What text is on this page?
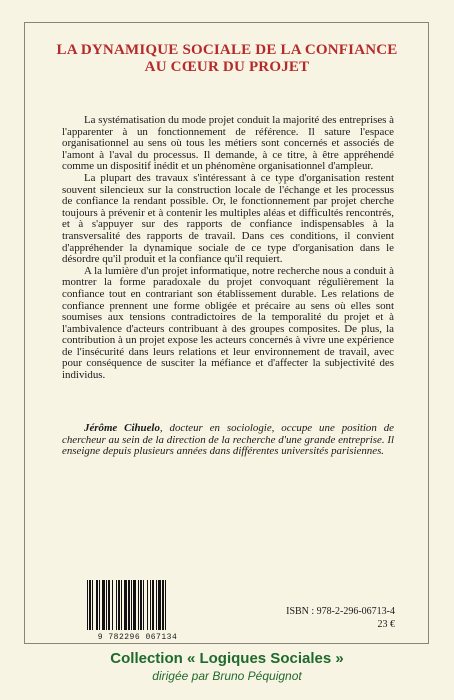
LA DYNAMIQUE SOCIALE DE LA CONFIANCE
AU CŒUR DU PROJET

La systématisation du mode projet conduit la majorité des entreprises à l'apparenter à un fonctionnement de référence. Il sature l'espace organisationnel au sens où tous les métiers sont concernés et associés de l'amont à l'aval du processus. Il demande, à ce titre, à être appréhendé comme un dispositif inédit et un phénomène organisationnel d'ampleur.

La plupart des travaux s'intéressant à ce type d'organisation restent souvent silencieux sur la construction locale de l'échange et les processus de confiance la rendant possible. Or, le fonctionnement par projet cherche toujours à prévenir et à contenir les multiples aléas et difficultés rencontrés, et à s'appuyer sur des rapports de confiance indispensables à la transversalité des rapports de travail. Dans ces conditions, il convient d'appréhender la dynamique sociale de ce type d'organisation dans le désordre qu'il produit et la confiance qu'il requiert.

A la lumière d'un projet informatique, notre recherche nous a conduit à montrer la forme paradoxale du projet convoquant régulièrement la confiance tout en contrariant son établissement durable. Les relations de confiance prennent une forme obligée et précaire au sens où elles sont soumises aux tensions contradictoires de la temporalité du projet et à l'ambivalence d'acteurs contribuant à des groupes composites. De plus, la contribution à un projet expose les acteurs concernés à vivre une expérience de l'insécurité dans leurs relations et leur environnement de travail, avec pour conséquence de susciter la méfiance et d'affecter la subjectivité des individus.

Jérôme Cihuelo, docteur en sociologie, occupe une position de chercheur au sein de la direction de la recherche d'une grande entreprise. Il enseigne depuis plusieurs années dans différentes universités parisiennes.
9 782296 067134
ISBN : 978-2-296-06713-4
23 €
Collection « Logiques Sociales »
dirigée par Bruno Péquignot
